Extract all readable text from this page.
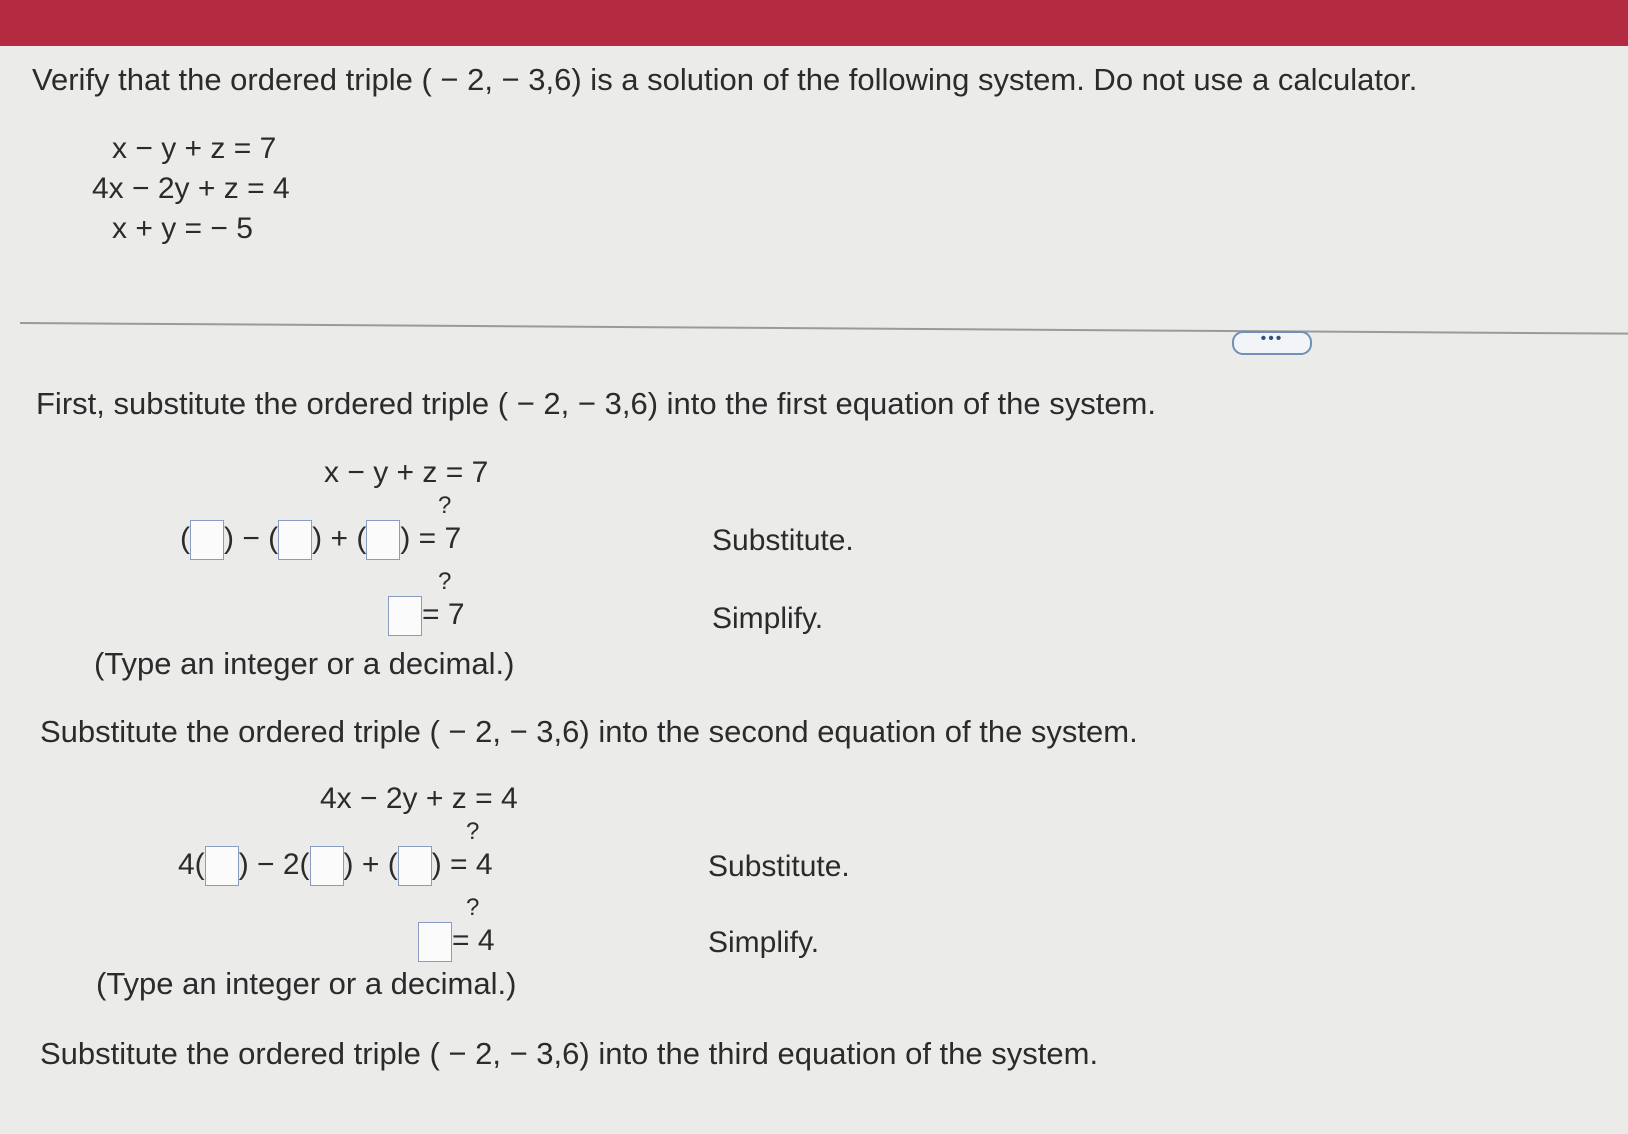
Verify that the ordered triple ( − 2, − 3,6) is a solution of the following system. Do not use a calculator.
x − y + z = 7
4x − 2y + z = 4
x + y = − 5
•••
First, substitute the ordered triple ( − 2, − 3,6) into the first equation of the system.
x − y + z = 7
?
( ) − ( ) + ( ) = 7	Substitute.
?
= 7	Simplify.
(Type an integer or a decimal.)
Substitute the ordered triple ( − 2, − 3,6) into the second equation of the system.
4x − 2y + z = 4
?
4( ) − 2( ) + ( ) = 4	Substitute.
?
= 4	Simplify.
(Type an integer or a decimal.)
Substitute the ordered triple ( − 2, − 3,6) into the third equation of the system.
